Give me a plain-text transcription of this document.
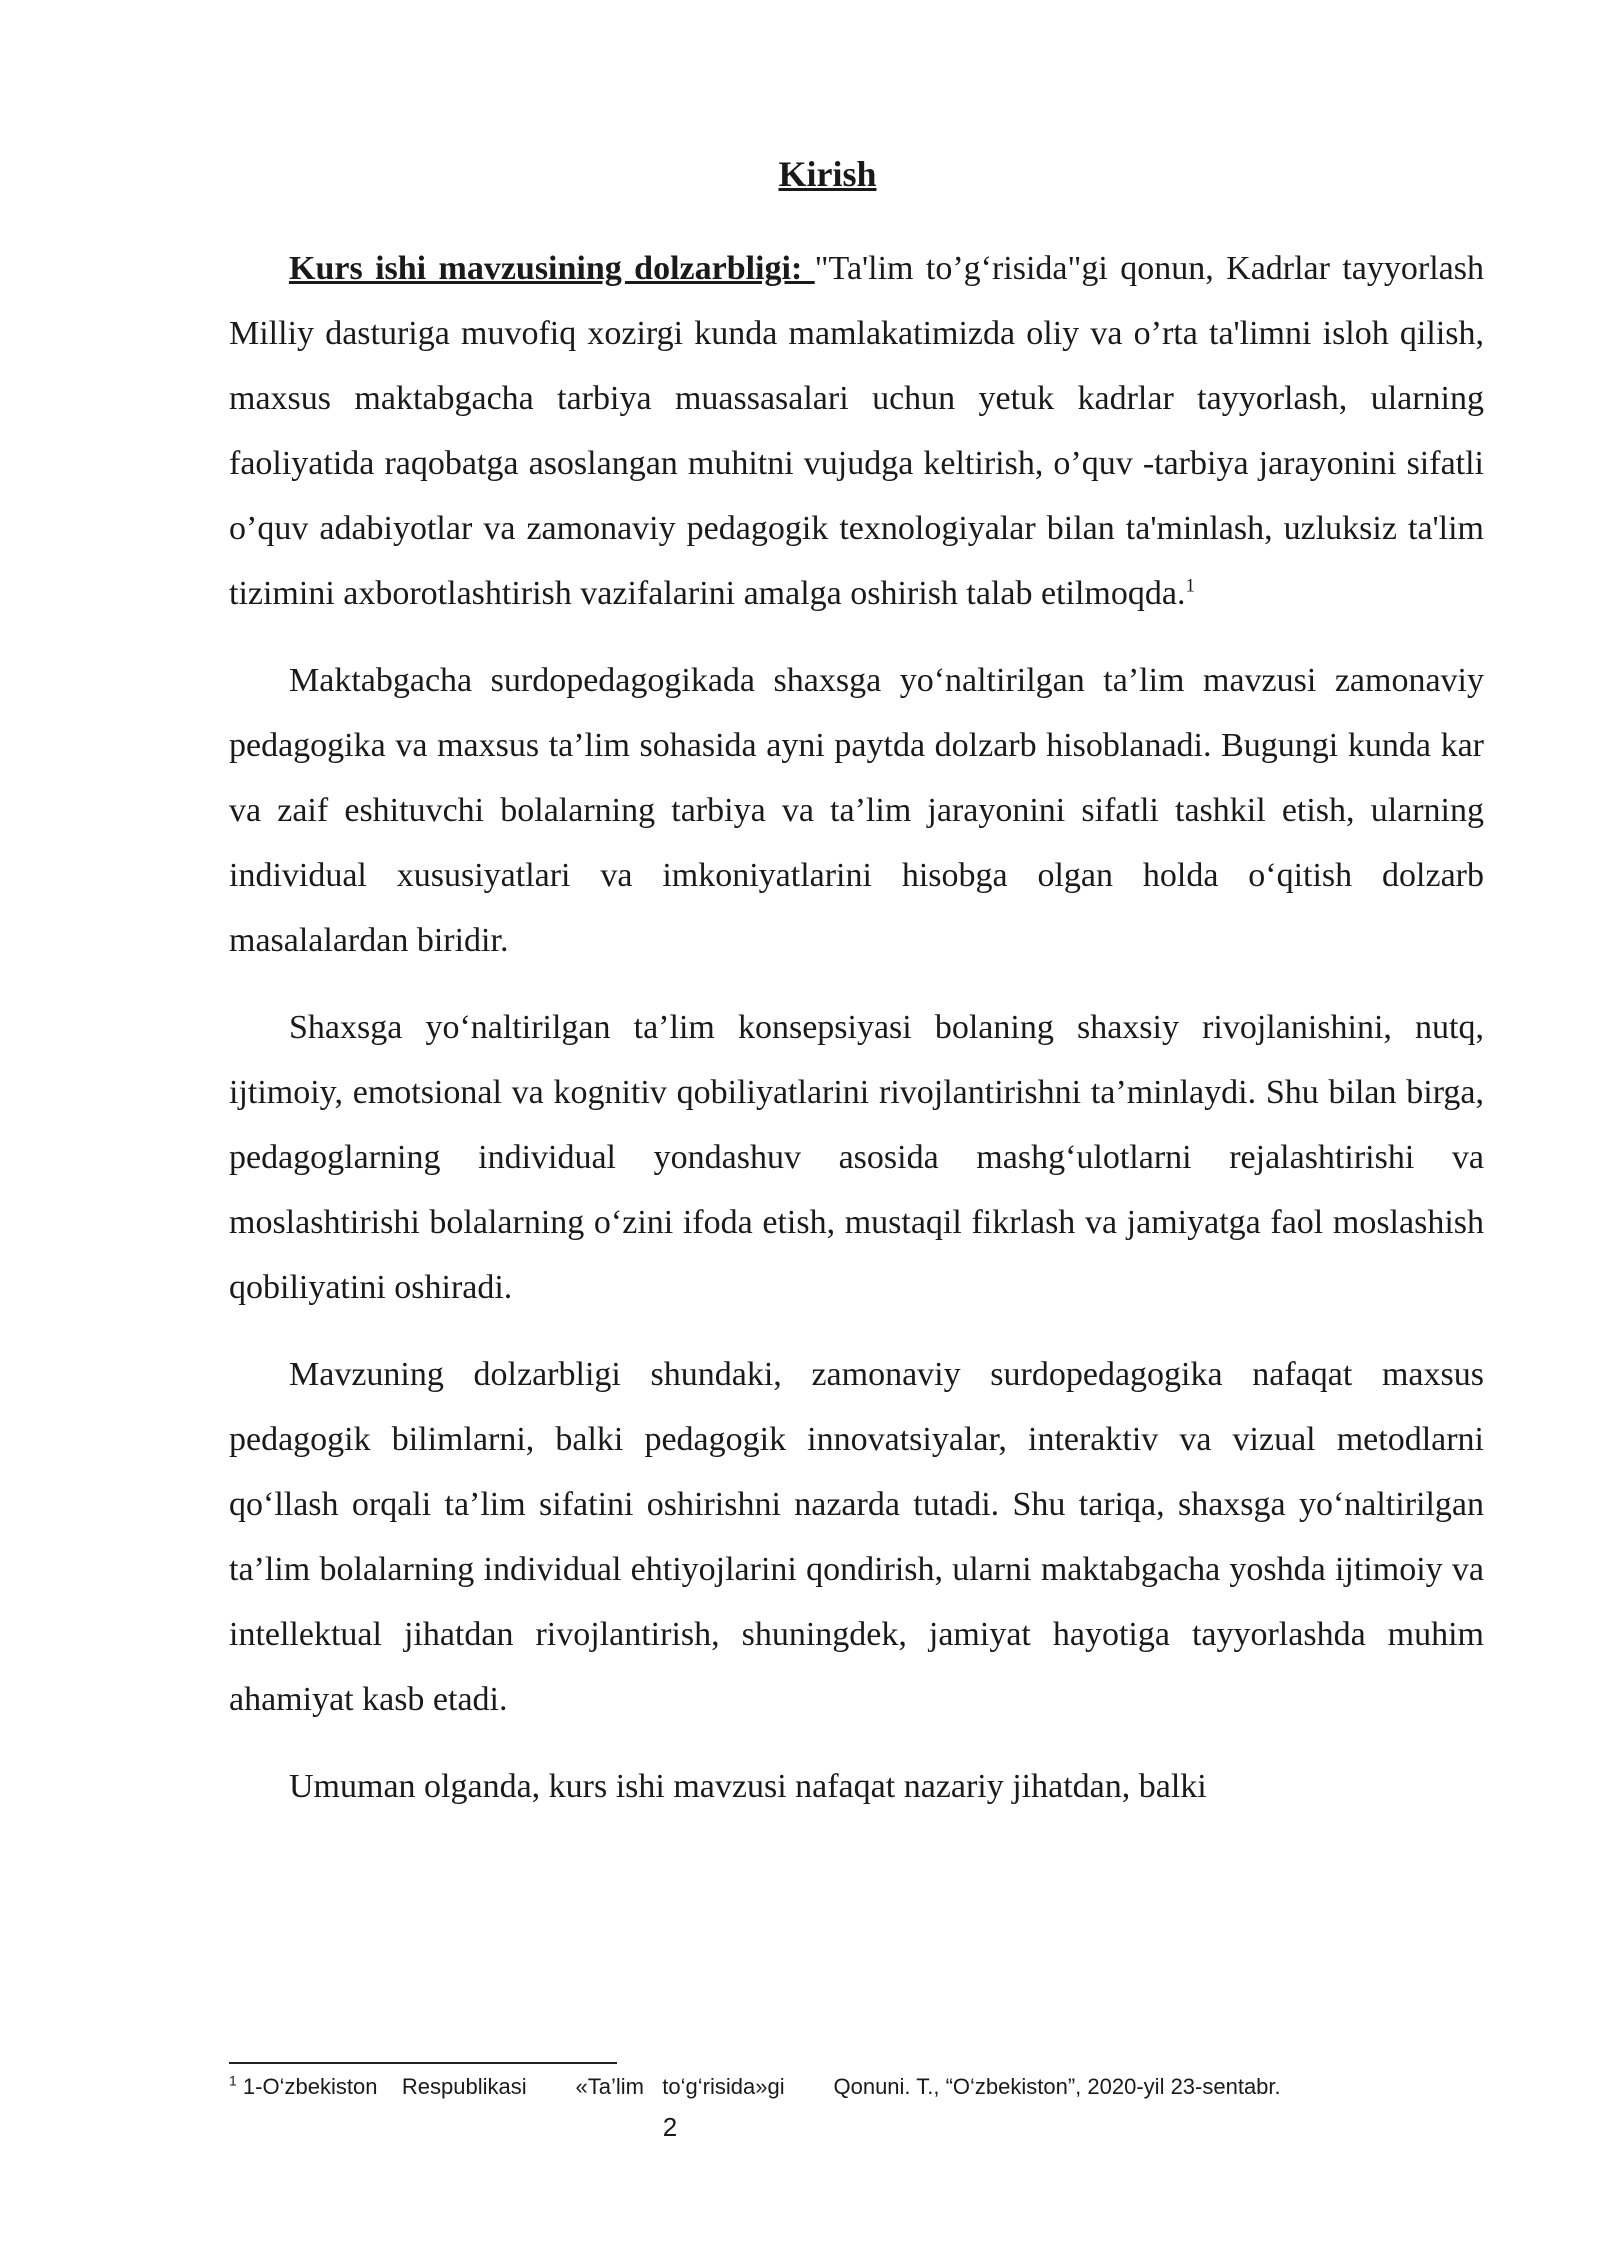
Kirish

Kurs ishi mavzusining dolzarbligi: "Ta'lim to’g‘risida"gi qonun, Kadrlar tayyorlash Milliy dasturiga muvofiq xozirgi kunda mamlakatimizda oliy va o’rta ta'limni isloh qilish, maxsus maktabgacha tarbiya muassasalari uchun yetuk kadrlar tayyorlash, ularning faoliyatida raqobatga asoslangan muhitni vujudga keltirish, o’quv -tarbiya jarayonini sifatli o’quv adabiyotlar va zamonaviy pedagogik texnologiyalar bilan ta'minlash, uzluksiz ta'lim tizimini axborotlashtirish vazifalarini amalga oshirish talab etilmoqda.$^1$

Maktabgacha surdopedagogikada shaxsga yo‘naltirilgan ta’lim mavzusi zamonaviy pedagogika va maxsus ta’lim sohasida ayni paytda dolzarb hisoblanadi. Bugungi kunda kar va zaif eshituvchi bolalarning tarbiya va ta’lim jarayonini sifatli tashkil etish, ularning individual xususiyatlari va imkoniyatlarini hisobga olgan holda o‘qitish dolzarb masalalardan biridir.

Shaxsga yo‘naltirilgan ta’lim konsepsiyasi bolaning shaxsiy rivojlanishini, nutq, ijtimoiy, emotsional va kognitiv qobiliyatlarini rivojlantirishni ta’minlaydi. Shu bilan birga, pedagoglarning individual yondashuv asosida mashg‘ulotlarni rejalashtirishi va moslashtirishi bolalarning o‘zini ifoda etish, mustaqil fikrlash va jamiyatga faol moslashish qobiliyatini oshiradi.

Mavzuning dolzarbligi shundaki, zamonaviy surdopedagogika nafaqat maxsus pedagogik bilimlarni, balki pedagogik innovatsiyalar, interaktiv va vizual metodlarni qo‘llash orqali ta’lim sifatini oshirishni nazarda tutadi. Shu tariqa, shaxsga yo‘naltirilgan ta’lim bolalarning individual ehtiyojlarini qondirish, ularni maktabgacha yoshda ijtimoiy va intellektual jihatdan rivojlantirish, shuningdek, jamiyat hayotiga tayyorlashda muhim ahamiyat kasb etadi.

Umuman olganda, kurs ishi mavzusi nafaqat nazariy jihatdan, balki

$^1$ 1-O‘zbekiston    Respublikasi        «Ta’lim   to‘g‘risida»gi        Qonuni. T., “O‘zbekiston”, 2020-yil 23-sentabr.
2
